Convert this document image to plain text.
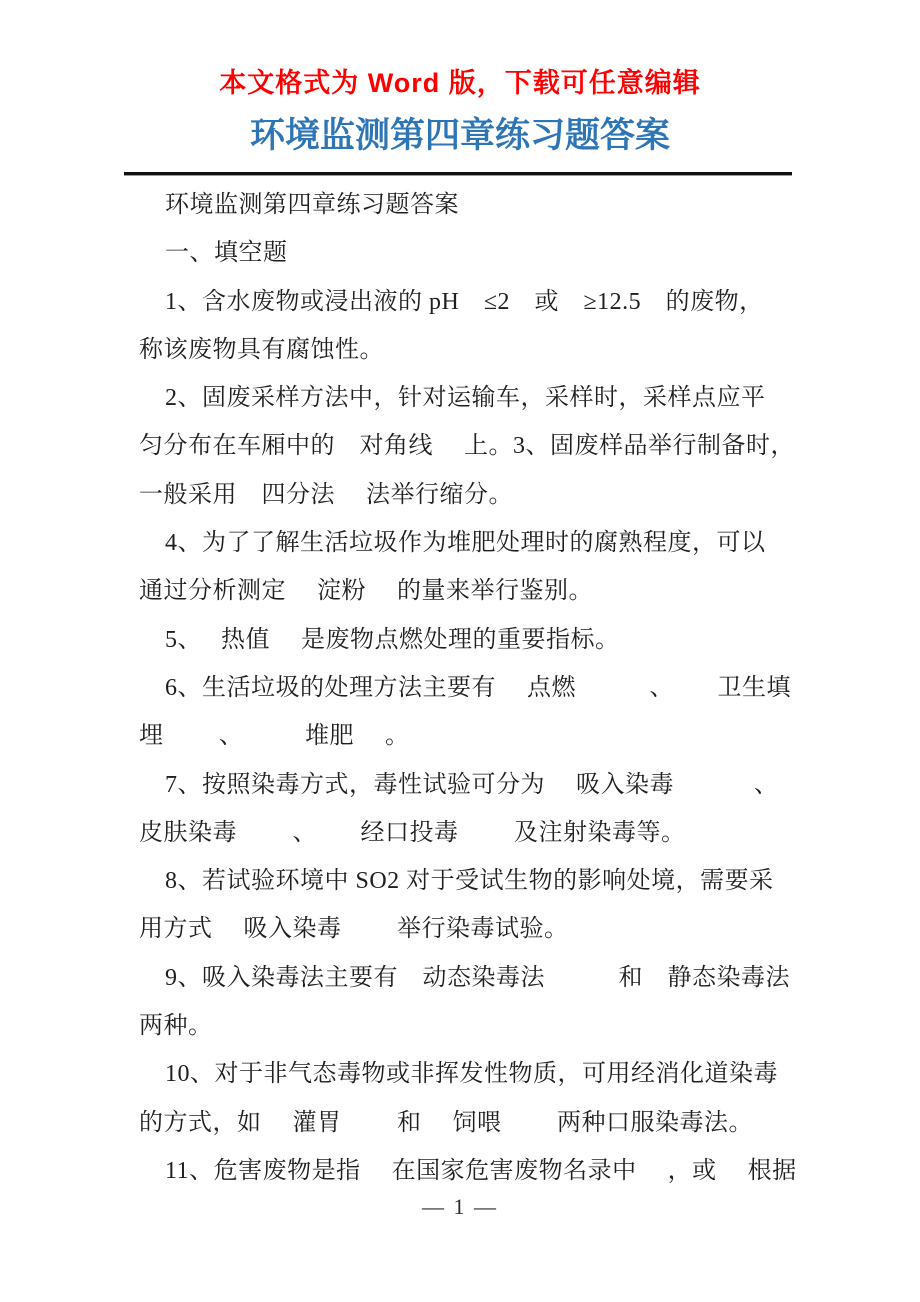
本文格式为 Word 版，下载可任意编辑
环境监测第四章练习题答案
环境监测第四章练习题答案
一、填空题
1、含水废物或浸出液的 pH　≤2　或　≥12.5　的废物，
称该废物具有腐蚀性。
2、固废采样方法中，针对运输车，采样时，采样点应平
匀分布在车厢中的　对角线　 上。3、固废样品举行制备时，
一般采用　四分法　 法举行缩分。
4、为了了解生活垃圾作为堆肥处理时的腐熟程度，可以
通过分析测定　 淀粉　 的量来举行鉴别。
5、　 热值　 是废物点燃处理的重要指标。
6、生活垃圾的处理方法主要有　 点燃　　　、　　 卫生填
埋　　 、　　　堆肥　 。
7、按照染毒方式，毒性试验可分为　 吸入染毒　　　 、
皮肤染毒　　 、　　 经口投毒　　 及注射染毒等。
8、若试验环境中 SO2 对于受试生物的影响处境，需要采
用方式　 吸入染毒　　 举行染毒试验。
9、吸入染毒法主要有　动态染毒法　　　和　静态染毒法
两种。
10、对于非气态毒物或非挥发性物质，可用经消化道染毒
的方式，如　 灌胃　　 和　 饲喂　　 两种口服染毒法。
11、危害废物是指　 在国家危害废物名录中　 ，或　 根据
— 1 —
